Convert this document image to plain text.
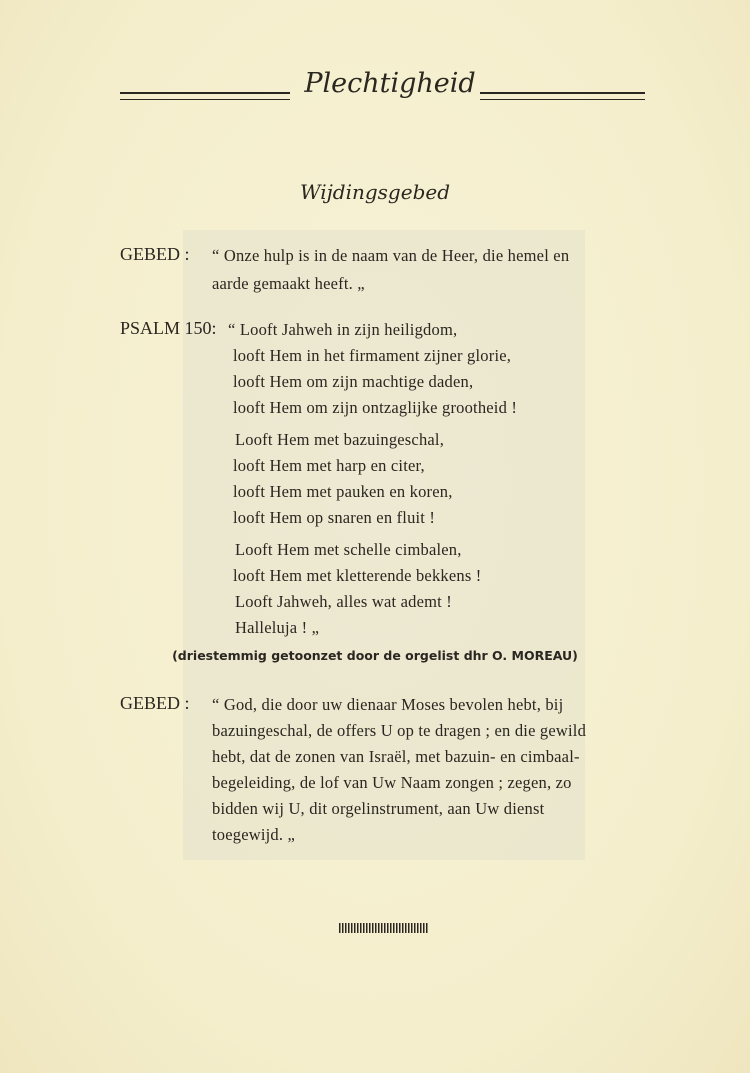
Plechtigheid
Wijdingsgebed
GEBED : “ Onze hulp is in de naam van de Heer, die hemel en
aarde gemaakt heeft. „
PSALM 150: “ Looft Jahweh in zijn heiligdom,
looft Hem in het firmament zijner glorie,
looft Hem om zijn machtige daden,
looft Hem om zijn ontzaglijke grootheid !
Looft Hem met bazuingeschal,
looft Hem met harp en citer,
looft Hem met pauken en koren,
looft Hem op snaren en fluit !
Looft Hem met schelle cimbalen,
looft Hem met kletterende bekkens !
Looft Jahweh, alles wat ademt !
Halleluja ! „
(driestemmig getoonzet door de orgelist dhr O. MOREAU)
GEBED : “ God, die door uw dienaar Moses bevolen hebt, bij
bazuingeschal, de offers U op te dragen ; en die gewild
hebt, dat de zonen van Israël, met bazuin- en cimbaal-
begeleiding, de lof van Uw Naam zongen ; zegen, zo
bidden wij U, dit orgelinstrument, aan Uw dienst
toegewijd. „
